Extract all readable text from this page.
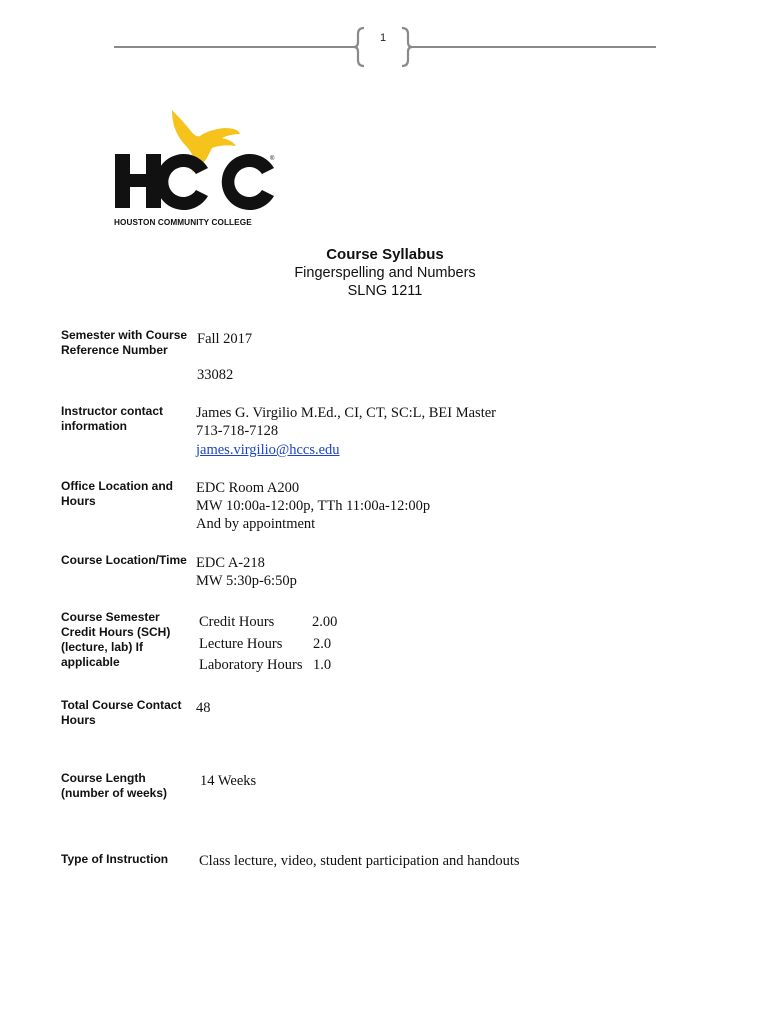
1
®
HOUSTON COMMUNITY COLLEGE
Course Syllabus
Fingerspelling and Numbers
SLNG 1211
Semester with Course Reference Number
Fall 2017
33082
Instructor contact information
James G. Virgilio M.Ed., CI, CT, SC:L, BEI Master
713-718-7128
james.virgilio@hccs.edu
Office Location and Hours
EDC Room A200
MW 10:00a-12:00p, TTh 11:00a-12:00p
And by appointment
Course Location/Time EDC A-218
MW 5:30p-6:50p
Course Semester Credit Hours (SCH) (lecture, lab) If applicable
Credit Hours	2.00
Lecture Hours 2.0
Laboratory Hours 1.0
Total Course Contact Hours
48
Course Length (number of weeks)
14 Weeks
Type of Instruction	Class lecture, video, student participation and handouts
